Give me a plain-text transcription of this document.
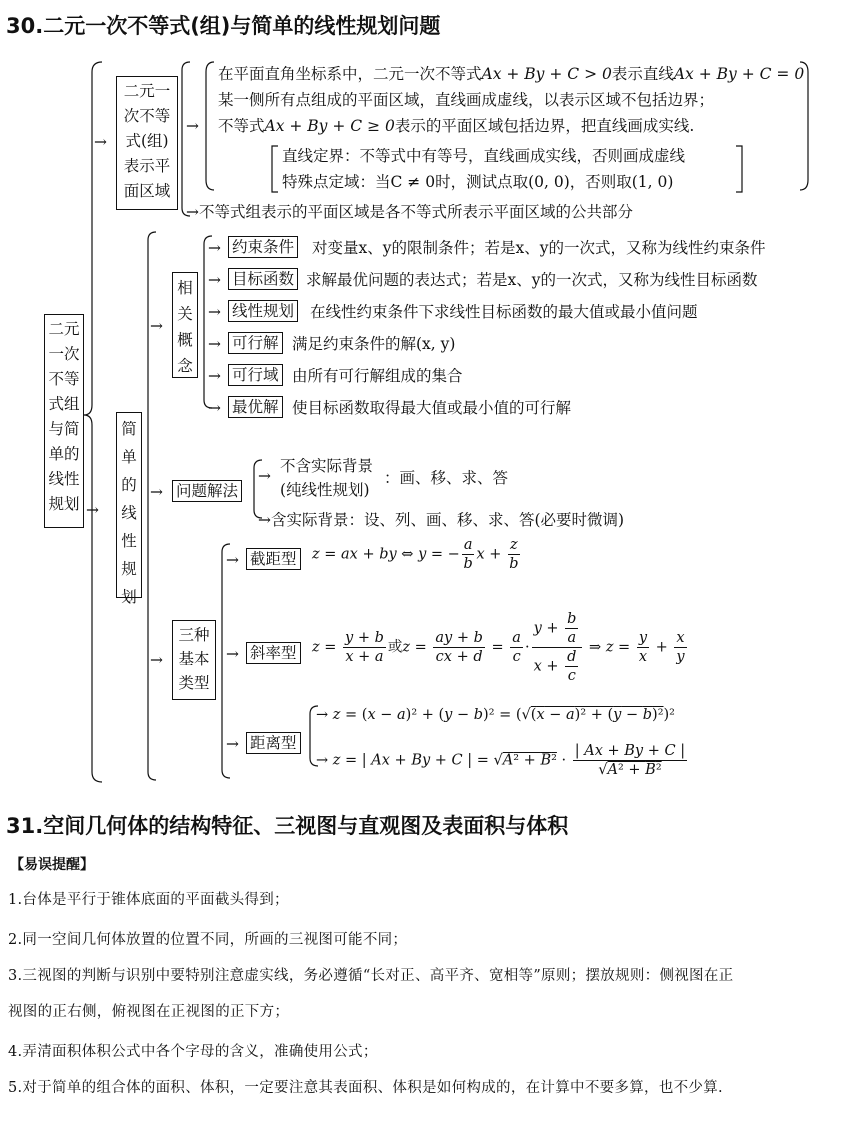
30.二元一次不等式(组)与简单的线性规划问题
二元一次不等式组与简单的线性规划 →
→
二元一次不等式(组)表示平面区域
→
在平面直角坐标系中，二元一次不等式Ax + By + C > 0表示直线Ax + By + C = 0
某一侧所有点组成的平面区域，直线画成虚线，以表示区域不包括边界；
不等式Ax + By + C ≥ 0表示的平面区域包括边界，把直线画成实线.
直线定界：不等式中有等号，直线画成实线，否则画成虚线
特殊点定域：当C ≠ 0时，测试点取(0, 0)，否则取(1, 0)
→不等式组表示的平面区域是各不等式所表示平面区域的公共部分
简单的线性规划
→
相关概念
→ 约束条件 对变量x、y的限制条件；若是x、y的一次式，又称为线性约束条件
→ 目标函数 求解最优问题的表达式；若是x、y的一次式，又称为线性目标函数
→ 线性规划 在线性约束条件下求线性目标函数的最大值或最小值问题
→ 可行解 满足约束条件的解(x, y)
→ 可行域 由所有可行解组成的集合
→ 最优解 使目标函数取得最大值或最小值的可行解
→ 问题解法
→
不含实际背景
(纯线性规划)
：画、移、求、答
→含实际背景：设、列、画、移、求、答(必要时微调)
→
三种基本类型
→ 截距型 z = ax + by ⇔ y = − $\frac{a}{b}$ $x + \frac{z}{b}$
→ 斜率型 $z = \frac{y + b}{x + a}$ 或$z = \frac{ay + b}{cx + d} = \frac{a}{c} \cdot \frac{y + \frac{b}{a}}{x + \frac{d}{c}}$ ⇒ $z = \frac{y}{x} + \frac{x}{y}$
→ 距离型
→ z = (x − a)² + (y − b)² = (√(x − a)² + (y − b)²)²
→ z = | Ax + By + C | = $√A^2 + B^2 \cdot \frac{| Ax + By + C |}{\text{√A² + B²}}$
31.空间几何体的结构特征、三视图与直观图及表面积与体积
【易误提醒】
1.台体是平行于锥体底面的平面截头得到；
2.同一空间几何体放置的位置不同，所画的三视图可能不同；
3.三视图的判断与识别中要特别注意虚实线，务必遵循“长对正、高平齐、宽相等”原则；摆放规则：侧视图在正
视图的正右侧，俯视图在正视图的正下方；
4.弄清面积体积公式中各个字母的含义，准确使用公式；
5.对于简单的组合体的面积、体积，一定要注意其表面积、体积是如何构成的，在计算中不要多算，也不少算.
